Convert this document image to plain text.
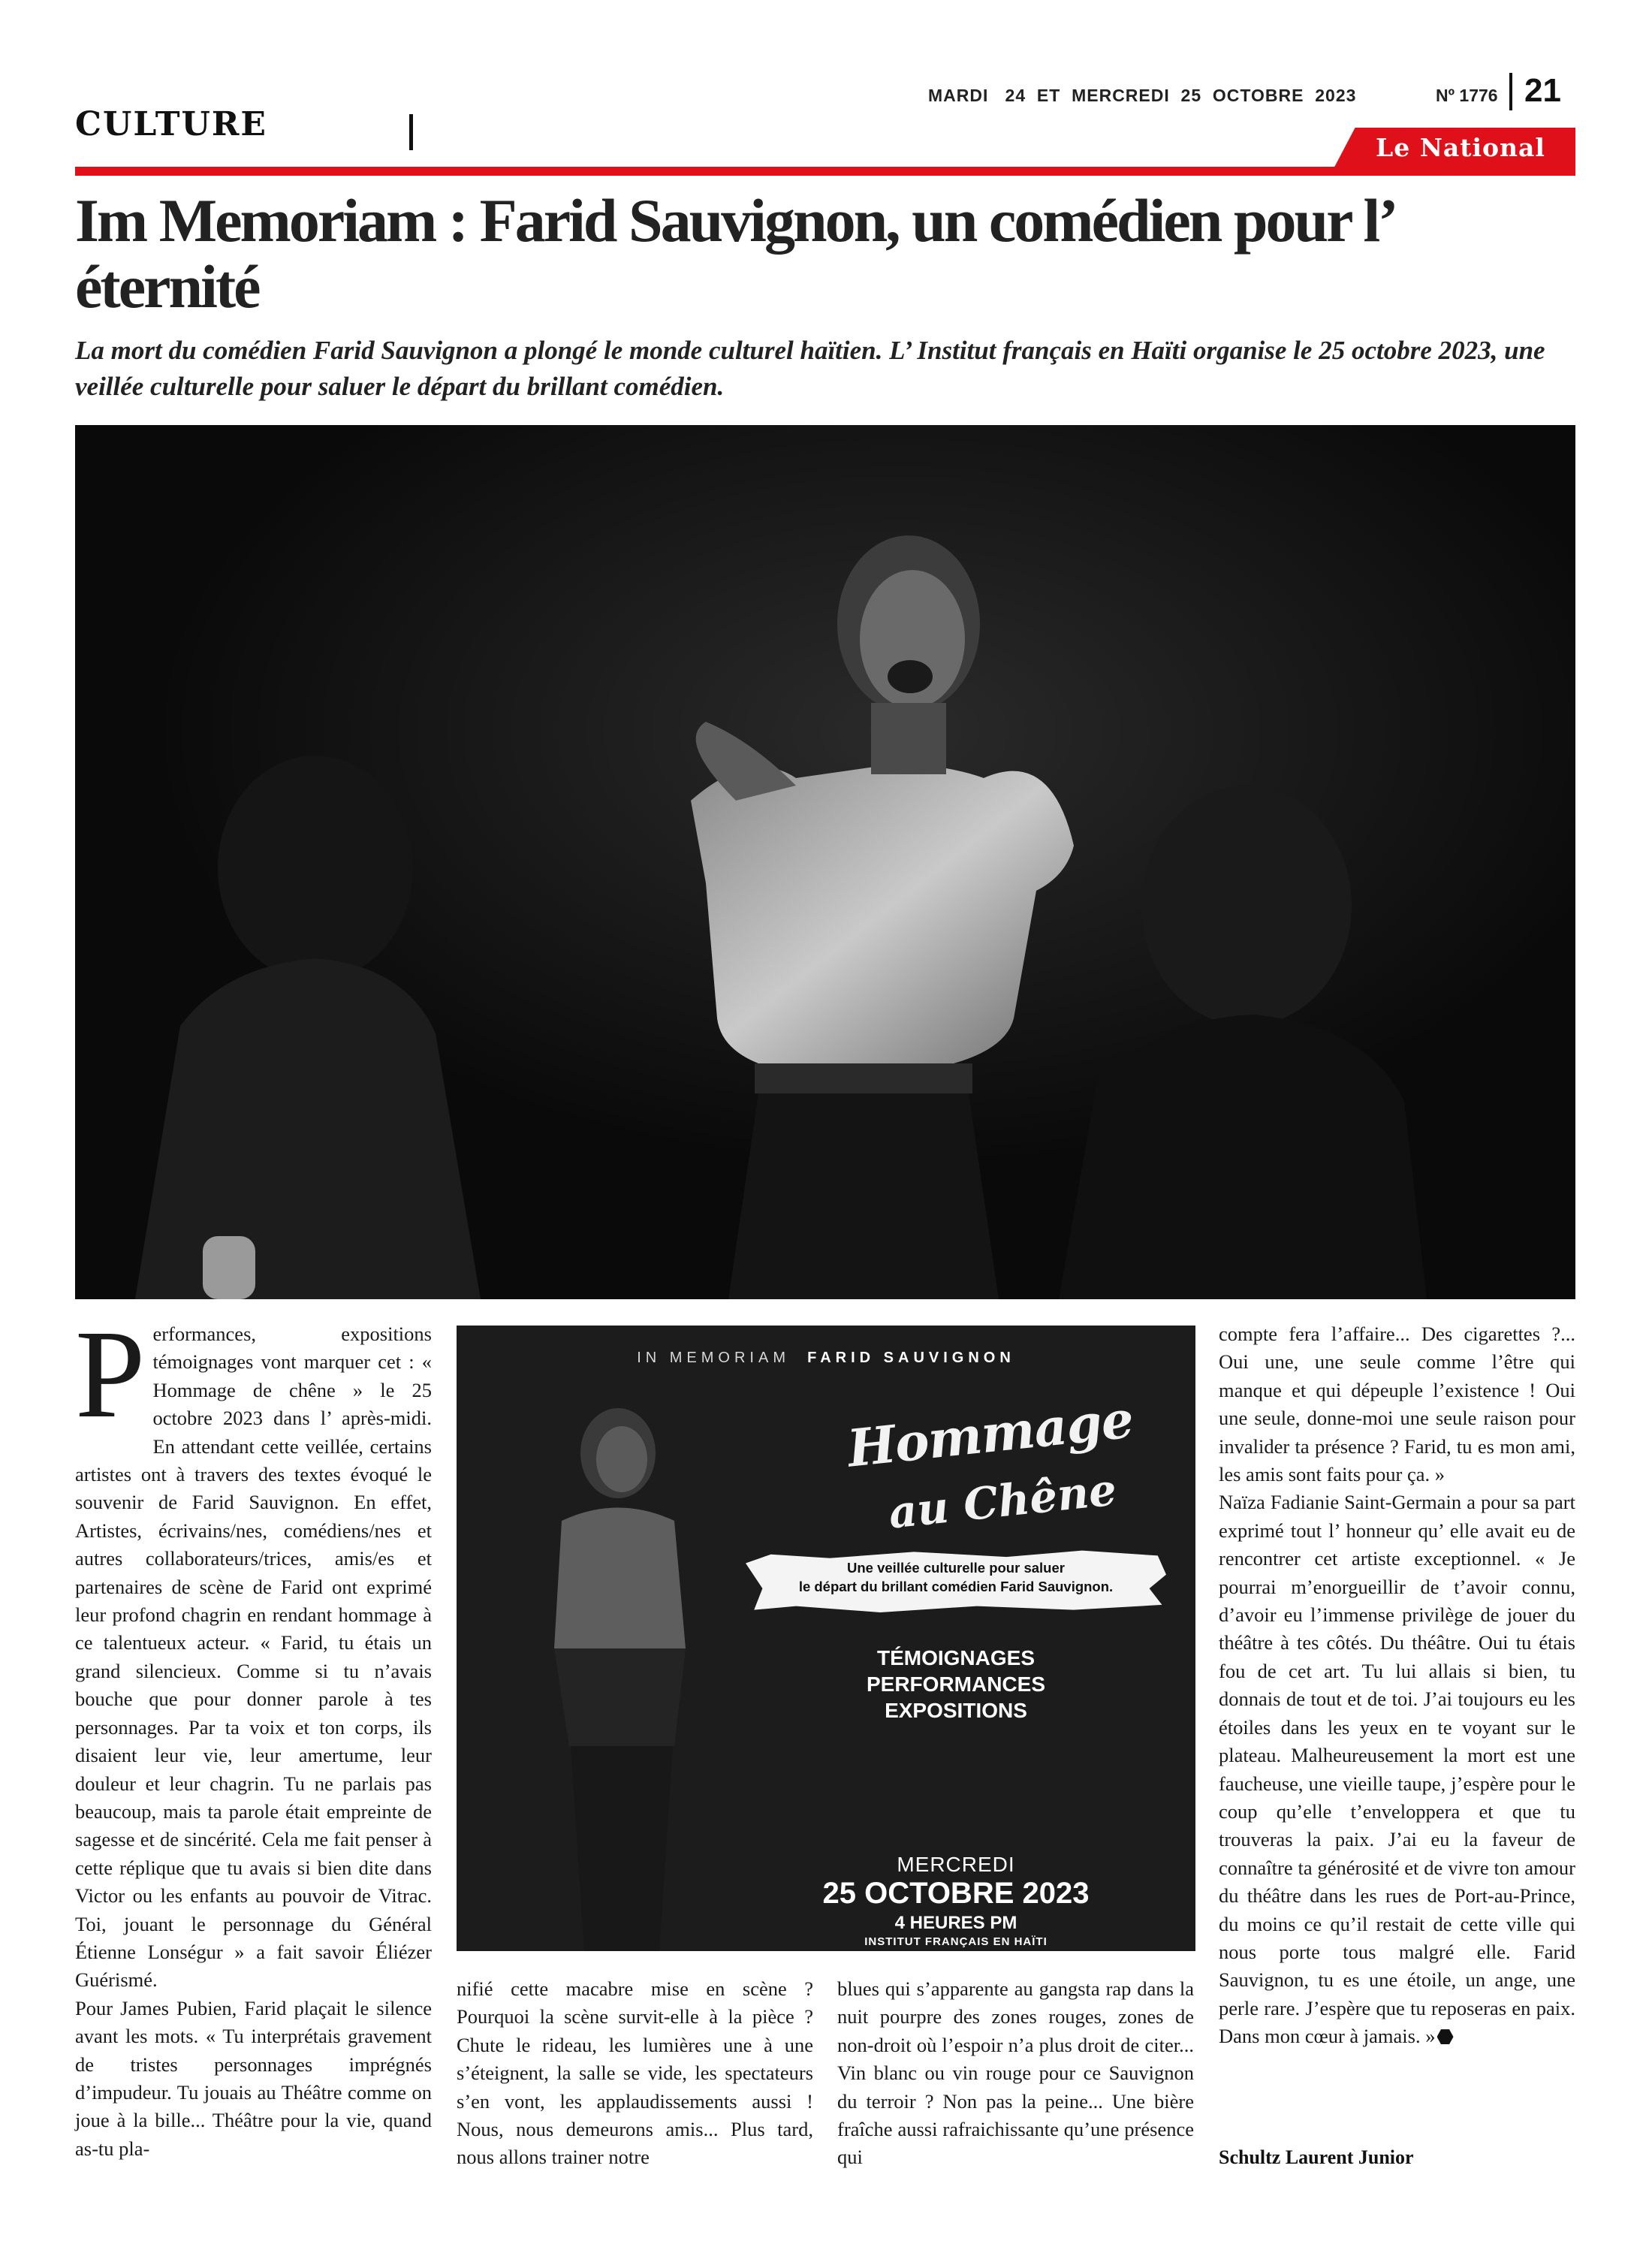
CULTURE
MARDI   24  ET  MERCREDI  25  OCTOBRE  2023	Nº 1776 21
Le National
Im Memoriam : Farid Sauvignon, un comédien pour l’ éternité

La mort du comédien Farid Sauvignon a plongé le monde culturel haïtien. L’ Institut français en Haïti organise le 25 octobre 2023, une veillée culturelle pour saluer le départ du brillant comédien.

P erformances, expositions témoignages vont marquer cet : « Hommage de chêne » le 25 octobre 2023 dans l’ après-midi. En attendant cette veillée, certains artistes ont à travers des textes évoqué le souvenir de Farid Sauvignon. En effet, Artistes, écrivains/nes, comédiens/nes et autres collaborateurs/trices, amis/es et partenaires de scène de Farid ont exprimé leur profond chagrin en rendant hommage à ce talentueux acteur. « Farid, tu étais un grand silencieux. Comme si tu n’avais bouche que pour donner parole à tes personnages. Par ta voix et ton corps, ils disaient leur vie, leur amertume, leur douleur et leur chagrin. Tu ne parlais pas beaucoup, mais ta parole était empreinte de sagesse et de sincérité. Cela me fait penser à cette réplique que tu avais si bien dite dans Victor ou les enfants au pouvoir de Vitrac. Toi, jouant le personnage du Général Étienne Lonségur » a fait savoir Éliézer Guérismé.

Pour James Pubien, Farid plaçait le silence avant les mots. « Tu interprétais gravement de tristes personnages imprégnés d’impudeur. Tu jouais au Théâtre comme on joue à la bille... Théâtre pour la vie, quand as-tu pla-

IN MEMORIAM FARID SAUVIGNON
Hommage
au Chêne
Une veillée culturelle pour saluer
le départ du brillant comédien Farid Sauvignon.
TÉMOIGNAGES
PERFORMANCES
EXPOSITIONS
MERCREDI
25 OCTOBRE 2023
4 HEURES PM
INSTITUT FRANÇAIS EN HAÏTI

nifié cette macabre mise en scène ? Pourquoi la scène survit-elle à la pièce ? Chute le rideau, les lumières une à une s’éteignent, la salle se vide, les spectateurs s’en vont, les applaudissements aussi ! Nous, nous demeurons amis... Plus tard, nous allons trainer notre

blues qui s’apparente au gangsta rap dans la nuit pourpre des zones rouges, zones de non-droit où l’espoir n’a plus droit de citer... Vin blanc ou vin rouge pour ce Sauvignon du terroir ? Non pas la peine... Une bière fraîche aussi rafraichissante qu’une présence qui

compte fera l’affaire... Des cigarettes ?... Oui une, une seule comme l’être qui manque et qui dépeuple l’existence ! Oui une seule, donne-moi une seule raison pour invalider ta présence ? Farid, tu es mon ami, les amis sont faits pour ça. »

Naïza Fadianie Saint-Germain a pour sa part exprimé tout l’ honneur qu’ elle avait eu de rencontrer cet artiste exceptionnel. « Je pourrai m’enorgueillir de t’avoir connu, d’avoir eu l’immense privilège de jouer du théâtre à tes côtés. Du théâtre. Oui tu étais fou de cet art. Tu lui allais si bien, tu donnais de tout et de toi. J’ai toujours eu les étoiles dans les yeux en te voyant sur le plateau. Malheureusement la mort est une faucheuse, une vieille taupe, j’espère pour le coup qu’elle t’enveloppera et que tu trouveras la paix. J’ai eu la faveur de connaître ta générosité et de vivre ton amour du théâtre dans les rues de Port-au-Prince, du moins ce qu’il restait de cette ville qui nous porte tous malgré elle. Farid Sauvignon, tu es une étoile, un ange, une perle rare. J’espère que tu reposeras en paix. Dans mon cœur à jamais. »

Schultz Laurent Junior
